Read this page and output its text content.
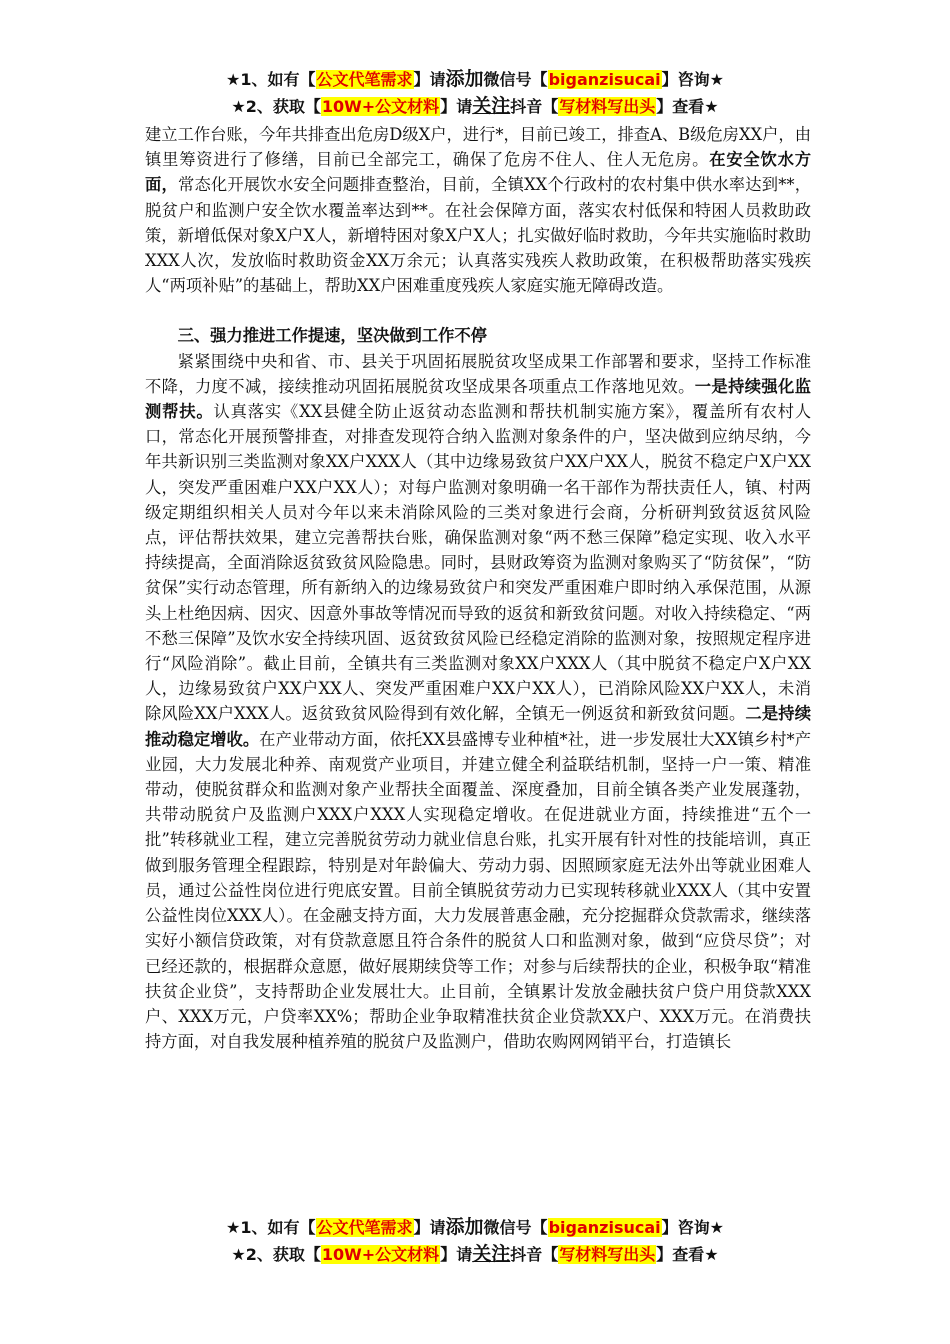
★1、如有【公文代笔需求】请添加微信号【biganzisucai】咨询★
★2、获取【10W+公文材料】请关注抖音【写材料写出头】查看★

建立工作台账，今年共排查出危房D级X户，进行*，目前已竣工，排查A、B级危房XX户，由镇里筹资进行了修缮，目前已全部完工，确保了危房不住人、住人无危房。在安全饮水方面，常态化开展饮水安全问题排查整治，目前，全镇XX个行政村的农村集中供水率达到**，脱贫户和监测户安全饮水覆盖率达到**。在社会保障方面，落实农村低保和特困人员救助政策，新增低保对象X户X人，新增特困对象X户X人；扎实做好临时救助，今年共实施临时救助XXX人次，发放临时救助资金XX万余元；认真落实残疾人救助政策，在积极帮助落实残疾人“两项补贴”的基础上，帮助XX户困难重度残疾人家庭实施无障碍改造。

三、强力推进工作提速，坚决做到工作不停

紧紧围绕中央和省、市、县关于巩固拓展脱贫攻坚成果工作部署和要求，坚持工作标准不降，力度不减，接续推动巩固拓展脱贫攻坚成果各项重点工作落地见效。一是持续强化监测帮扶。认真落实《XX县健全防止返贫动态监测和帮扶机制实施方案》，覆盖所有农村人口，常态化开展预警排查，对排查发现符合纳入监测对象条件的户，坚决做到应纳尽纳，今年共新识别三类监测对象XX户XXX人（其中边缘易致贫户XX户XX人，脱贫不稳定户X户XX人，突发严重困难户XX户XX人）；对每户监测对象明确一名干部作为帮扶责任人，镇、村两级定期组织相关人员对今年以来未消除风险的三类对象进行会商，分析研判致贫返贫风险点，评估帮扶效果，建立完善帮扶台账，确保监测对象“两不愁三保障”稳定实现、收入水平持续提高，全面消除返贫致贫风险隐患。同时，县财政筹资为监测对象购买了“防贫保”，“防贫保”实行动态管理，所有新纳入的边缘易致贫户和突发严重困难户即时纳入承保范围，从源头上杜绝因病、因灾、因意外事故等情况而导致的返贫和新致贫问题。对收入持续稳定、“两不愁三保障”及饮水安全持续巩固、返贫致贫风险已经稳定消除的监测对象，按照规定程序进行“风险消除”。截止目前，全镇共有三类监测对象XX户XXX人（其中脱贫不稳定户X户XX人，边缘易致贫户XX户XX人、突发严重困难户XX户XX人），已消除风险XX户XX人，未消除风险XX户XXX人。返贫致贫风险得到有效化解，全镇无一例返贫和新致贫问题。二是持续推动稳定增收。在产业带动方面，依托XX县盛博专业种植*社，进一步发展壮大XX镇乡村*产业园，大力发展北种养、南观赏产业项目，并建立健全利益联结机制，坚持一户一策、精准带动，使脱贫群众和监测对象产业帮扶全面覆盖、深度叠加，目前全镇各类产业发展蓬勃，共带动脱贫户及监测户XXX户XXX人实现稳定增收。在促进就业方面，持续推进“五个一批”转移就业工程，建立完善脱贫劳动力就业信息台账，扎实开展有针对性的技能培训，真正做到服务管理全程跟踪，特别是对年龄偏大、劳动力弱、因照顾家庭无法外出等就业困难人员，通过公益性岗位进行兜底安置。目前全镇脱贫劳动力已实现转移就业XXX人（其中安置公益性岗位XXX人）。在金融支持方面，大力发展普惠金融，充分挖掘群众贷款需求，继续落实好小额信贷政策，对有贷款意愿且符合条件的脱贫人口和监测对象，做到“应贷尽贷”；对已经还款的，根据群众意愿，做好展期续贷等工作；对参与后续帮扶的企业，积极争取“精准扶贫企业贷”，支持帮助企业发展壮大。止目前，全镇累计发放金融扶贫户贷户用贷款XXX户、XXX万元，户贷率XX%；帮助企业争取精准扶贫企业贷款XX户、XXX万元。在消费扶持方面，对自我发展种植养殖的脱贫户及监测户，借助农购网网销平台，打造镇长

★1、如有【公文代笔需求】请添加微信号【biganzisucai】咨询★
★2、获取【10W+公文材料】请关注抖音【写材料写出头】查看★
